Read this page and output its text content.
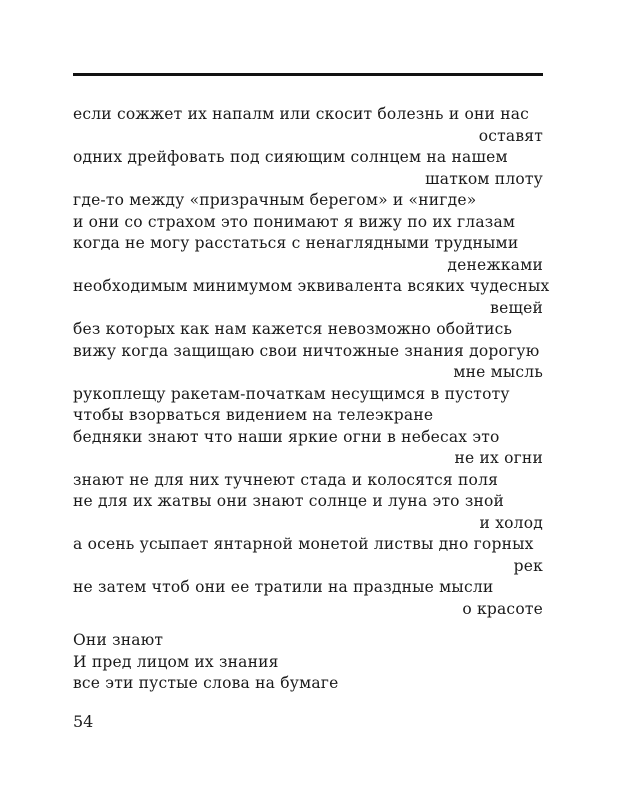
если сожжет их напалм или скосит болезнь и они нас
оставят
одних дрейфовать под сияющим солнцем на нашем
шатком плоту
где-то между «призрачным берегом» и «нигде»
и они со страхом это понимают я вижу по их глазам
когда не могу расстаться с ненаглядными трудными
денежками
необходимым минимумом эквивалента всяких чудесных
вещей
без которых как нам кажется невозможно обойтись
вижу когда защищаю свои ничтожные знания дорогую
мне мысль
рукоплещу ракетам-початкам несущимся в пустоту
чтобы взорваться видением на телеэкране
бедняки знают что наши яркие огни в небесах это
не их огни
знают не для них тучнеют стада и колосятся поля
не для их жатвы они знают солнце и луна это зной
и холод
а осень усыпает янтарной монетой листвы дно горных
рек
не затем чтоб они ее тратили на праздные мысли
о красоте
Они знают
И пред лицом их знания
все эти пустые слова на бумаге
54
